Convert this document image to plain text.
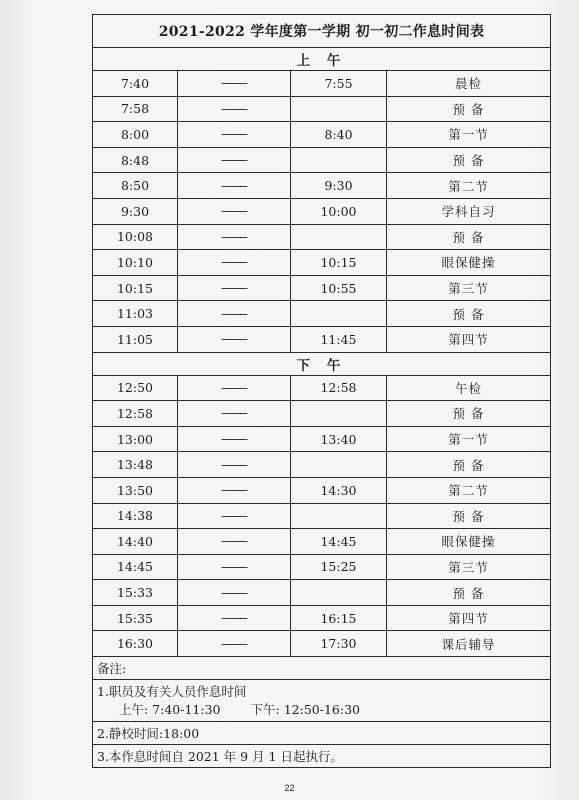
2021-2022 学年度第一学期 初一初二作息时间表			
上 午			
7:40	————	7:55	晨检
7:58	————		预 备
8:00	————	8:40	第一节
8:48	————		预 备
8:50	————	9:30	第二节
9:30	————	10:00	学科自习
10:08	————		预 备
10:10	————	10:15	眼保健操
10:15	————	10:55	第三节
11:03	————		预 备
11:05	————	11:45	第四节
下 午			
12:50	————	12:58	午检
12:58	————		预 备
13:00	————	13:40	第一节
13:48	————		预 备
13:50	————	14:30	第二节
14:38	————		预 备
14:40	————	14:45	眼保健操
14:45	————	15:25	第三节
15:33	————		预 备
15:35	————	16:15	第四节
16:30	————	17:30	课后辅导
备注:			

1.职员及有关人员作息时间
上午: 7:40-11:30 下午: 12:50-16:30			

2.静校时间:18:00			
3.本作息时间自 2021 年 9 月 1 日起执行。			
22
